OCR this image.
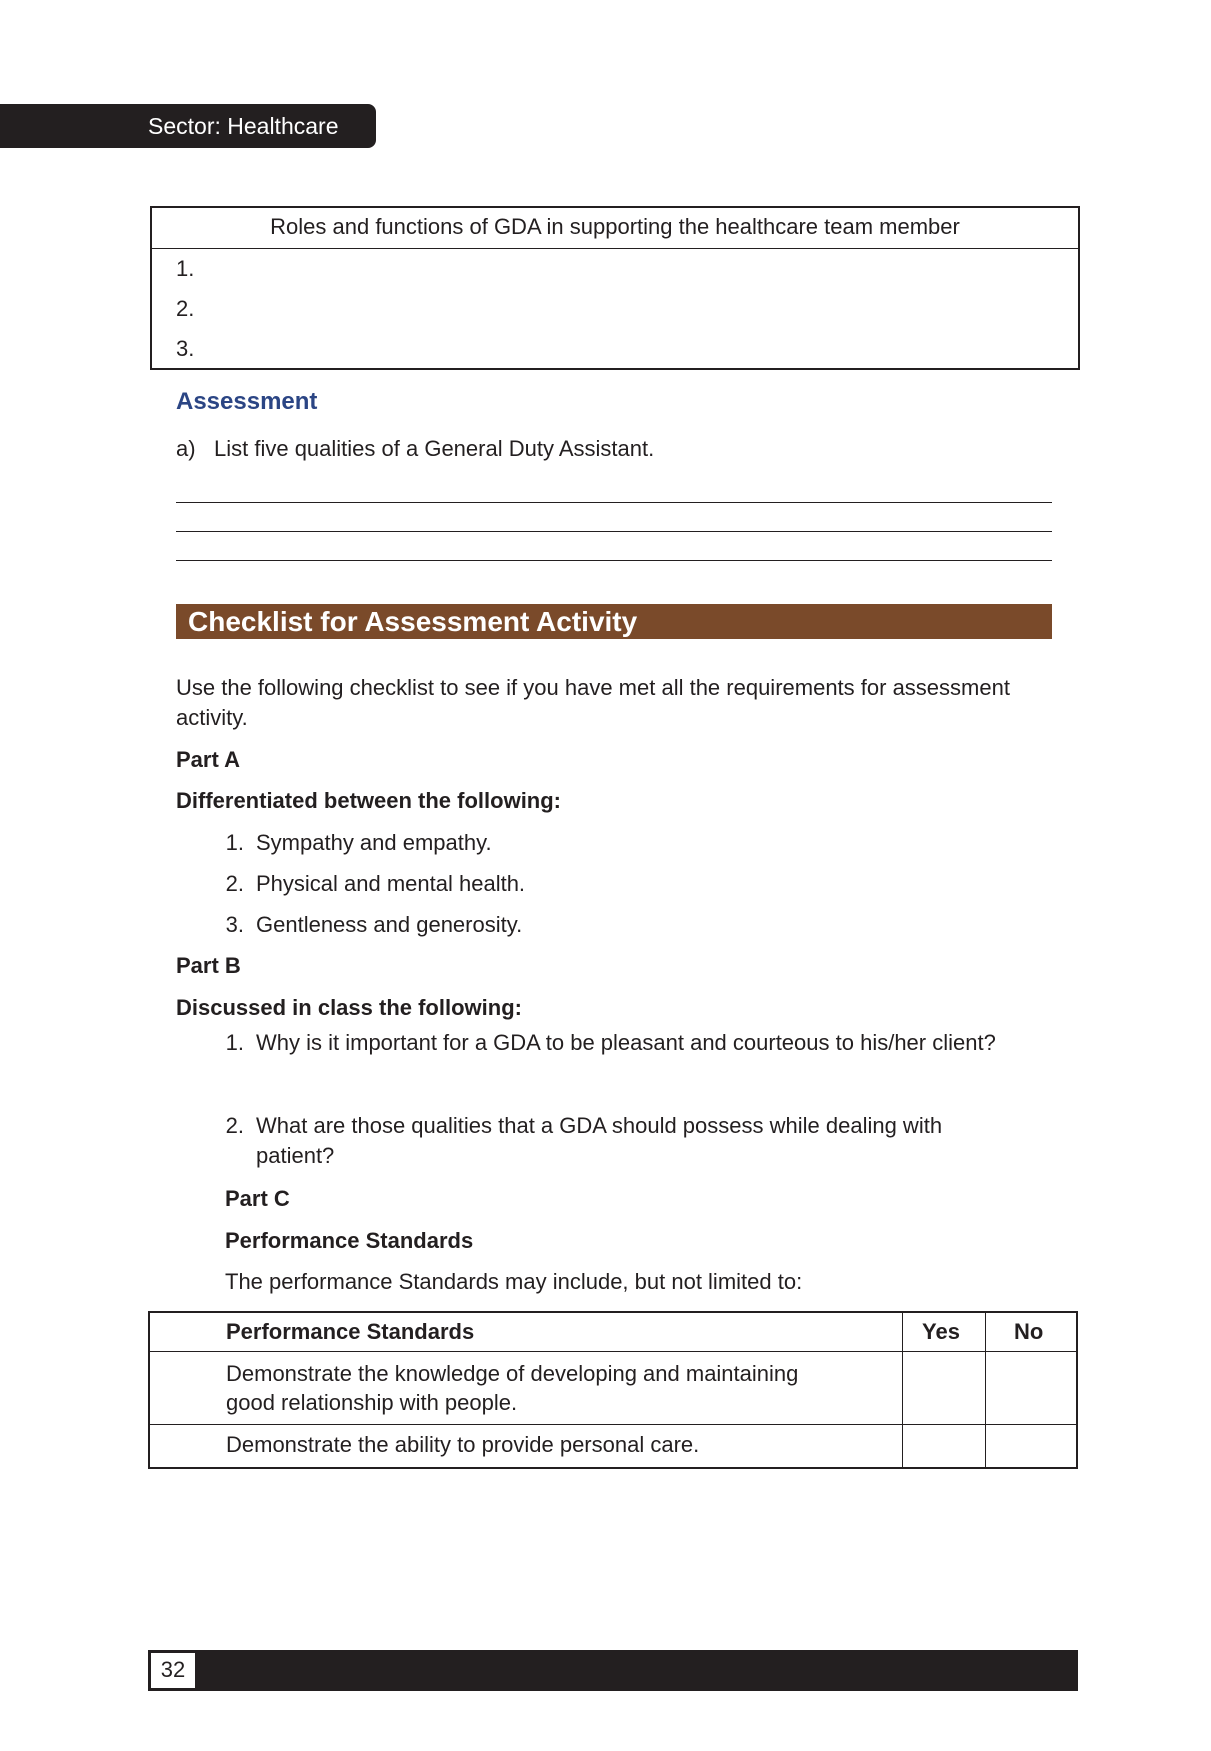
Sector: Healthcare
Roles and functions of GDA in supporting the healthcare team member
1.
2.
3.
Assessment
a) List five qualities of a General Duty Assistant.
Checklist for Assessment Activity
Use the following checklist to see if you have met all the requirements for assessment
activity.
Part A
Differentiated between the following:
1. Sympathy and empathy.
2. Physical and mental health.
3. Gentleness and generosity.
Part B
Discussed in class the following:
1. Why is it important for a GDA to be pleasant and courteous to his/her client?
2. What are those qualities that a GDA should possess while dealing with
patient?
Part C
Performance Standards
The performance Standards may include, but not limited to:
Performance Standards	Yes No
Demonstrate the knowledge of developing and maintaining
good relationship with people.
Demonstrate the ability to provide personal care.
32
